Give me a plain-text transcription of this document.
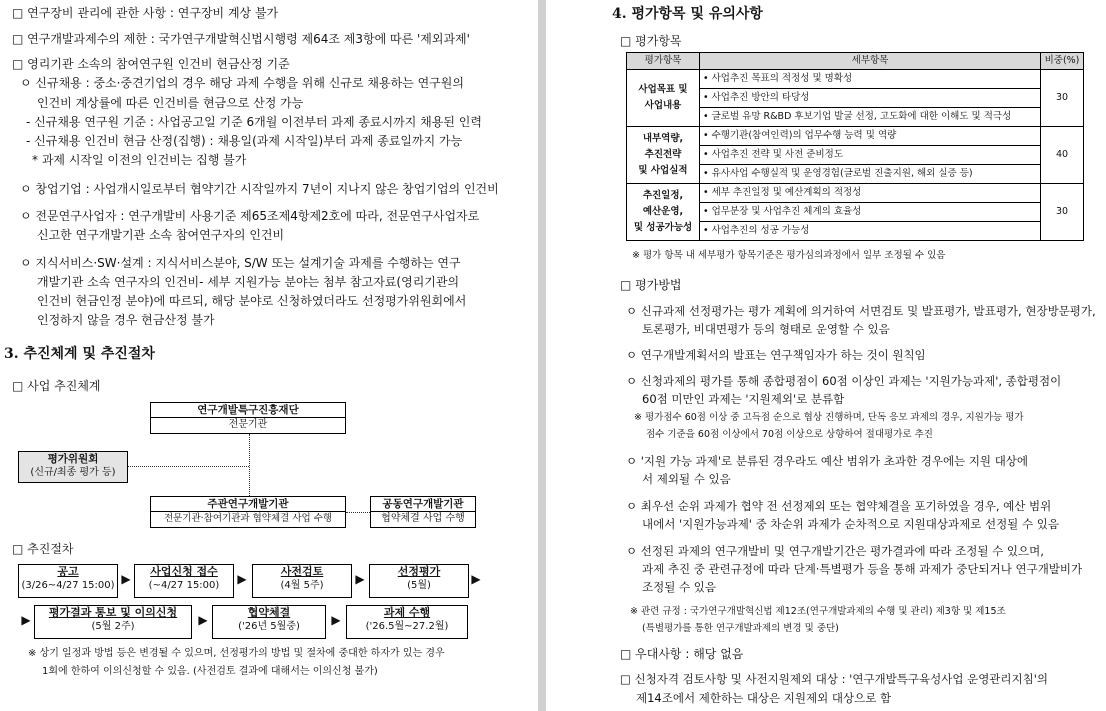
□ 연구장비 관리에 관한 사항 : 연구장비 계상 불가
□ 연구개발과제수의 제한 : 국가연구개발혁신법시행령 제64조 제3항에 따른 '제외과제'
□ 영리기관 소속의 참여연구원 인건비 현금산정 기준
ㅇ 신규채용 : 중소·중견기업의 경우 해당 과제 수행을 위해 신규로 채용하는 연구원의
인건비 계상률에 따른 인건비를 현금으로 산정 가능
- 신규채용 연구원 기준 : 사업공고일 기준 6개월 이전부터 과제 종료시까지 채용된 인력
- 신규채용 인건비 현금 산정(집행) : 채용일(과제 시작일)부터 과제 종료일까지 가능
* 과제 시작일 이전의 인건비는 집행 불가
ㅇ 창업기업 : 사업개시일로부터 협약기간 시작일까지 7년이 지나지 않은 창업기업의 인건비
ㅇ 전문연구사업자 : 연구개발비 사용기준 제65조제4항제2호에 따라, 전문연구사업자로
신고한 연구개발기관 소속 참여연구자의 인건비
ㅇ 지식서비스·SW·설계 : 지식서비스분야, S/W 또는 설계기술 과제를 수행하는 연구
개발기관 소속 연구자의 인건비- 세부 지원가능 분야는 첨부 참고자료(영리기관의
인건비 현금인정 분야)에 따르되, 해당 분야로 신청하였더라도 선정평가위원회에서
인정하지 않을 경우 현금산정 불가
3. 추진체계 및 추진절차
□ 사업 추진체계
연구개발특구진흥재단
전문기관
평가위원회
(신규/최종 평가 등)
주관연구개발기관
전문기관·참여기관과 협약체결 사업 수행
공동연구개발기관
협약체결 사업 수행
□ 추진절차
공고
(3/26~4/27 15:00) ▶
사업신청 접수
(~4/27 15:00)	▶
사전검토
(4월 5주)	▶
선정평가
(5월)	▶
▶
평가결과 통보 및 이의신청
(5월 2주)	▶
협약체결
('26년 5월중)	▶
과제 수행
('26.5월~27.2월)
※ 상기 일정과 방법 등은 변경될 수 있으며, 선정평가의 방법 및 절차에 중대한 하자가 있는 경우
1회에 한하여 이의신청할 수 있음. (사전검토 결과에 대해서는 이의신청 불가)
4. 평가항목 및 유의사항
□ 평가항목
평가항목	세부항목	비중(%)
사업목표 및
사업내용	• 사업추진 목표의 적정성 및 명확성	30
	• 사업추진 방안의 타당성	
	• 글로벌 유망 R&BD 후보기업 발굴 선정, 고도화에 대한 이해도 및 적극성	
내부역량,
추진전략
및 사업실적	• 수행기관(참여인력)의 업무수행 능력 및 역량	40
	• 사업추진 전략 및 사전 준비정도	
	• 유사사업 수행실적 및 운영경험(글로벌 진출지원, 해외 실증 등)	
추진일정,
예산운영,
및 성공가능성	• 세부 추진일정 및 예산계획의 적정성	30
	• 업무분장 및 사업추진 체계의 효율성	
	• 사업추진의 성공 가능성	
※ 평가 항목 내 세부평가 항목기준은 평가심의과정에서 일부 조정될 수 있음
□ 평가방법
ㅇ 신규과제 선정평가는 평가 계획에 의거하여 서면검토 및 발표평가, 발표평가, 현장방문평가,
토론평가, 비대면평가 등의 형태로 운영할 수 있음
ㅇ 연구개발계획서의 발표는 연구책임자가 하는 것이 원칙임
ㅇ 신청과제의 평가를 통해 종합평점이 60점 이상인 과제는 '지원가능과제', 종합평점이
60점 미만인 과제는 '지원제외'로 분류함
※ 평가점수 60점 이상 중 고득점 순으로 협상 진행하며, 단독 응모 과제의 경우, 지원가능 평가
점수 기준을 60점 이상에서 70점 이상으로 상향하여 절대평가로 추진
ㅇ '지원 가능 과제'로 분류된 경우라도 예산 범위가 초과한 경우에는 지원 대상에
서 제외될 수 있음
ㅇ 최우선 순위 과제가 협약 전 선정제외 또는 협약체결을 포기하였을 경우, 예산 범위
내에서 '지원가능과제' 중 차순위 과제가 순차적으로 지원대상과제로 선정될 수 있음
ㅇ 선정된 과제의 연구개발비 및 연구개발기간은 평가결과에 따라 조정될 수 있으며,
과제 추진 중 관련규정에 따라 단계·특별평가 등을 통해 과제가 중단되거나 연구개발비가
조정될 수 있음
※ 관련 규정 : 국가연구개발혁신법 제12조(연구개발과제의 수행 및 관리) 제3항 및 제15조
(특별평가를 통한 연구개발과제의 변경 및 중단)
□ 우대사항 : 해당 없음
□ 신청자격 검토사항 및 사전지원제외 대상 : '연구개발특구육성사업 운영관리지침'의
제14조에서 제한하는 대상은 지원제외 대상으로 함
